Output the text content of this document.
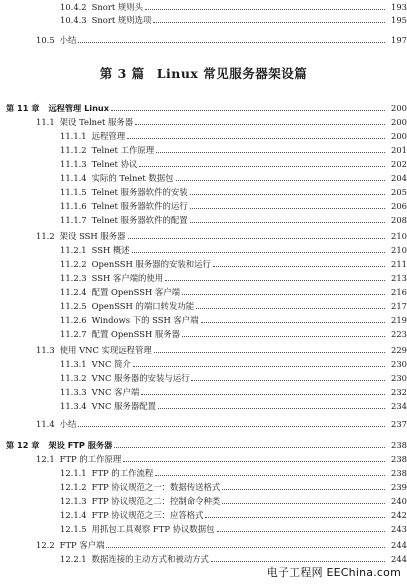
10.4.2 Snort 规则头	193
10.4.3 Snort 规则选项	195
10.5 小结	197
第 3 篇 Linux 常见服务器架设篇
第 11 章	远程管理 Linux	200
11.1 架设 Telnet 服务器	200
11.1.1 远程管理	200
11.1.2 Telnet 工作原理	201
11.1.3 Telnet 协议	202
11.1.4 实际的 Telnet 数据包	204
11.1.5 Telnet 服务器软件的安装	205
11.1.6 Telnet 服务器软件的运行	206
11.1.7 Telnet 服务器软件的配置	208
11.2 架设 SSH 服务器	210
11.2.1 SSH 概述	210
11.2.2 OpenSSH 服务器的安装和运行	211
11.2.3 SSH 客户端的使用	213
11.2.4 配置 OpenSSH 客户端	216
11.2.5 OpenSSH 的端口转发功能	217
11.2.6 Windows 下的 SSH 客户端	219
11.2.7 配置 OpenSSH 服务器	223
11.3 使用 VNC 实现远程管理	229
11.3.1 VNC 简介	230
11.3.2 VNC 服务器的安装与运行	230
11.3.3 VNC 客户端	232
11.3.4 VNC 服务器配置	234
11.4 小结	237
第 12 章	架设 FTP 服务器	238
12.1 FTP 的工作原理	238
12.1.1 FTP 的工作流程	238
12.1.2 FTP 协议规范之一：数据传送格式	239
12.1.3 FTP 协议规范之二：控制命令种类	240
12.1.4 FTP 协议规范之三：应答格式	242
12.1.5 用抓包工具观察 FTP 协议数据包	243
12.2 FTP 客户端	244
12.2.1 数据连接的主动方式和被动方式	244
电子工程网 EEChina.com
